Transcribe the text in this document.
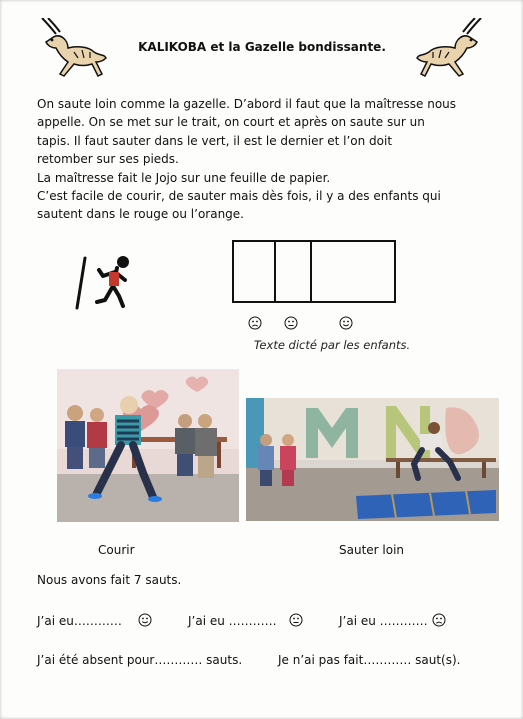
KALIKOBA et la Gazelle bondissante.

On saute loin comme la gazelle. D’abord il faut que la maîtresse nous

appelle. On se met sur le trait, on court et après on saute sur un

tapis. Il faut sauter dans le vert, il est le dernier et l’on doit

retomber sur ses pieds.

La maîtresse fait le Jojo sur une feuille de papier.

C’est facile de courir, de sauter mais dès fois, il y a des enfants qui

sautent dans le rouge ou l’orange.

Texte dicté par les enfants.
Courir	Sauter loin
Nous avons fait 7 sauts.
J’ai eu…………	J’ai eu …………	J’ai eu …………
J’ai été absent pour………… sauts.	Je n’ai pas fait………… saut(s).
